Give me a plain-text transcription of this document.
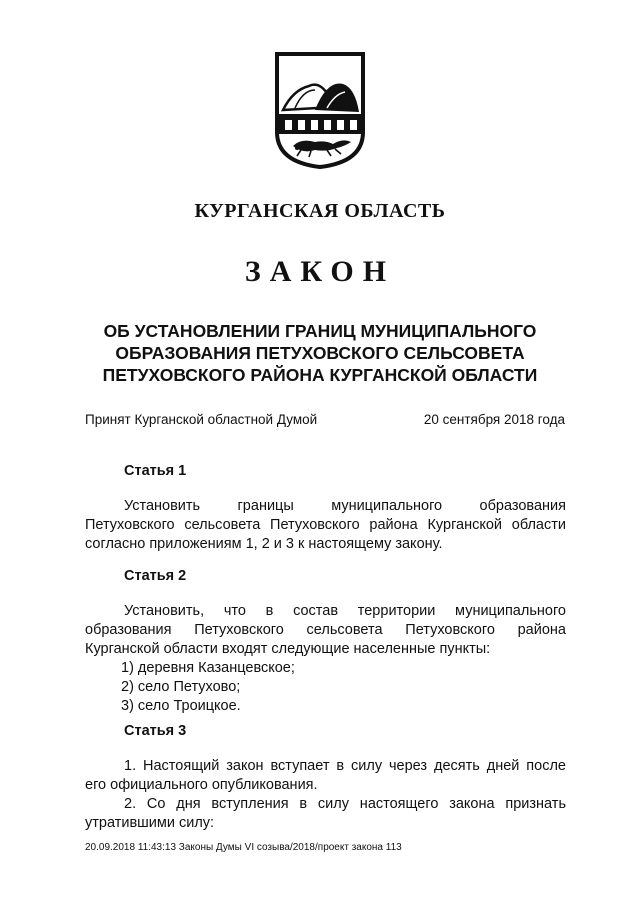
КУРГАНСКАЯ ОБЛАСТЬ
ЗАКОН
ОБ УСТАНОВЛЕНИИ ГРАНИЦ МУНИЦИПАЛЬНОГО
ОБРАЗОВАНИЯ ПЕТУХОВСКОГО СЕЛЬСОВЕТА
ПЕТУХОВСКОГО РАЙОНА КУРГАНСКОЙ ОБЛАСТИ
Принят Курганской областной Думой	20 сентября 2018 года
Статья 1
Установить границы муниципального образования
Петуховского сельсовета Петуховского района Курганской области
согласно приложениям 1, 2 и 3 к настоящему закону.
Статья 2
Установить, что в состав территории муниципального
образования Петуховского сельсовета Петуховского района
Курганской области входят следующие населенные пункты:
1) деревня Казанцевское;
2) село Петухово;
3) село Троицкое.
Статья 3
1. Настоящий закон вступает в силу через десять дней после
его официального опубликования.
2. Со дня вступления в силу настоящего закона признать
утратившими силу:
20.09.2018 11:43:13 Законы Думы VI созыва/2018/проект закона 113
